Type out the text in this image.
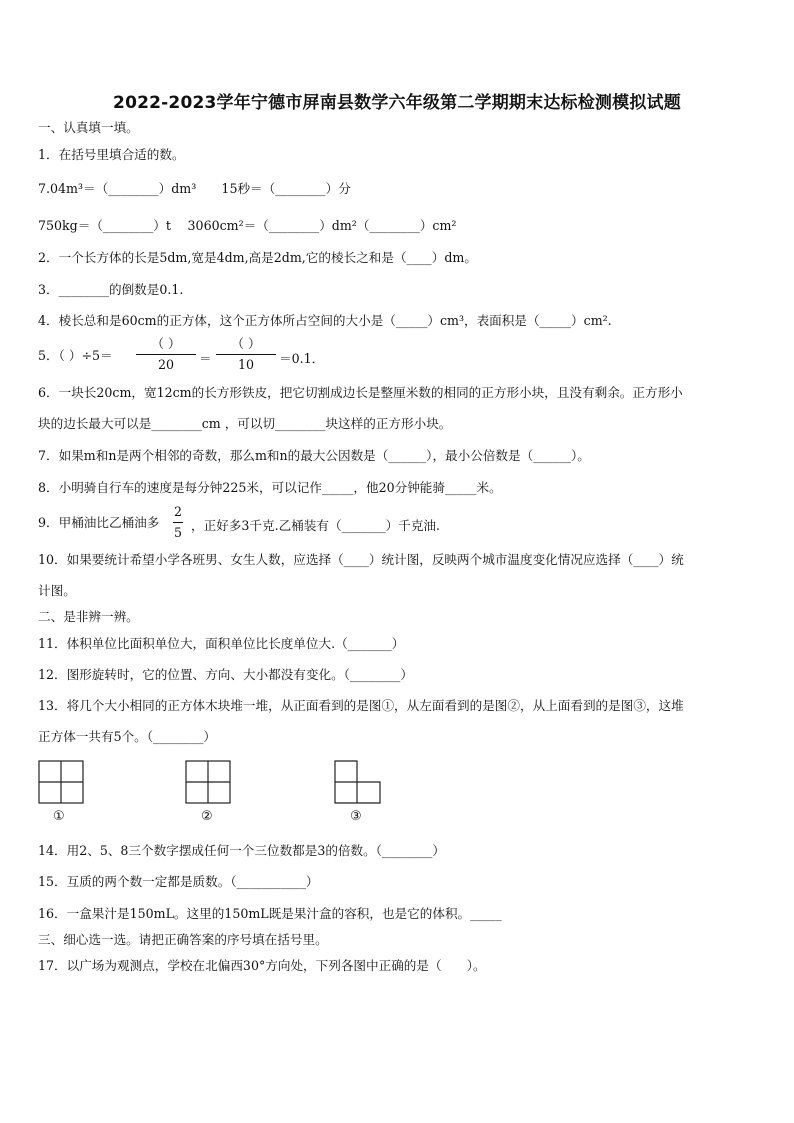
2022-2023学年宁德市屏南县数学六年级第二学期期末达标检测模拟试题
一、认真填一填。
1．在括号里填合适的数。
7.04m³＝（________）dm³　　15秒＝（________）分
750kg＝（________）t　 3060cm²＝（________）dm²（________）cm²
2．一个长方体的长是5dm,宽是4dm,高是2dm,它的棱长之和是（____）dm。
3．________的倒数是0.1.
4．棱长总和是60cm的正方体，这个正方体所占空间的大小是（_____）cm³，表面积是（_____）cm².
5．（ ）÷5＝
（ ）
20 ＝
（ ）
10 ＝0.1．
6．一块长20cm，宽12cm的长方形铁皮，把它切割成边长是整厘米数的相同的正方形小块，且没有剩余。正方形小
块的边长最大可以是________cm ，可以切________块这样的正方形小块。
7．如果m和n是两个相邻的奇数，那么m和n的最大公因数是（______），最小公倍数是（______）。
8．小明骑自行车的速度是每分钟225米，可以记作_____，他20分钟能骑_____米。
9．甲桶油比乙桶油多
2
5 ，正好多3千克.乙桶装有（_______）千克油.
10．如果要统计希望小学各班男、女生人数，应选择（____）统计图，反映两个城市温度变化情况应选择（____）统
计图。
二、是非辨一辨。
11．体积单位比面积单位大，面积单位比长度单位大.（_______）
12．图形旋转时，它的位置、方向、大小都没有变化。（________）
13．将几个大小相同的正方体木块堆一堆，从正面看到的是图①，从左面看到的是图②，从上面看到的是图③，这堆
正方体一共有5个。（________）
①	②	③
14．用2、5、8三个数字摆成任何一个三位数都是3的倍数。（________）
15．互质的两个数一定都是质数。（___________）
16．一盒果汁是150mL。这里的150mL既是果汁盒的容积，也是它的体积。_____
三、细心选一选。请把正确答案的序号填在括号里。
17．以广场为观测点，学校在北偏西30°方向处，下列各图中正确的是（　　）。
